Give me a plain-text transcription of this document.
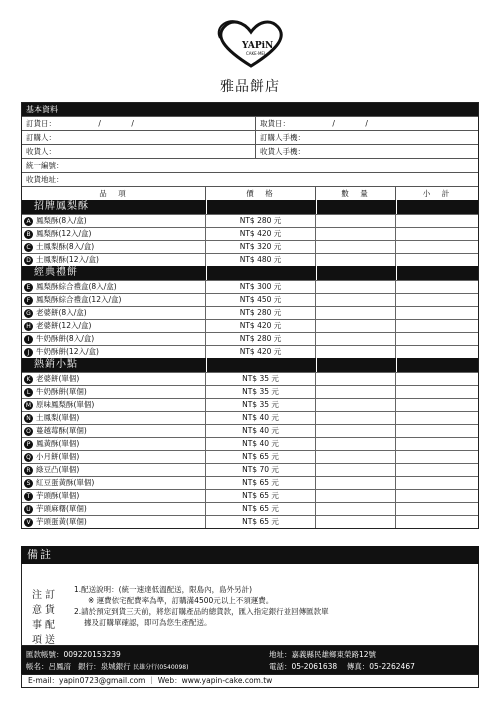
YAPiN
CAKE·MEI
雅品餅店
基本資料
訂貨日：	/	/	取貨日：	/	/
訂購人：	訂購人手機：
收貨人：	收貨人手機：
統一編號：
收貨地址：
品　項	價　格	數　量	小　計
招牌鳳梨酥
A 鳳梨酥(8入/盒)	NT$ 280 元
B 鳳梨酥(12入/盒)	NT$ 420 元
C 土鳳梨酥(8入/盒)	NT$ 320 元
D 土鳳梨酥(12入/盒)	NT$ 480 元
經典禮餅
E 鳳梨酥綜合禮盒(8入/盒)	NT$ 300 元
F 鳳梨酥綜合禮盒(12入/盒)	NT$ 450 元
G 老婆餅(8入/盒)	NT$ 280 元
H 老婆餅(12入/盒)	NT$ 420 元
I 牛奶酥餅(8入/盒)	NT$ 280 元
J 牛奶酥餅(12入/盒)	NT$ 420 元
熱銷小點
K 老婆餅(單個)	NT$ 35 元
L 牛奶酥餅(單個)	NT$ 35 元
M 原味鳳梨酥(單個)	NT$ 35 元
N 土鳳梨(單個)	NT$ 40 元
O 蔓越莓酥(單個)	NT$ 40 元
P 鳳黃酥(單個)	NT$ 40 元
Q 小月餅(單個)	NT$ 65 元
R 綠豆凸(單個)	NT$ 70 元
S 紅豆蛋黃酥(單個)	NT$ 65 元
T 芋頭酥(單個)	NT$ 65 元
U 芋頭麻糬(單個)	NT$ 65 元
V 芋頭蛋黃(單個)	NT$ 65 元
備註
注訂意貨事配項送
1.配送說明：(統一速達低溫配送，限島內，島外另計)
※ 運費依宅配費率為準，訂購滿4500元以上不須運費。
2.請於預定到貨三天前，將您訂購產品的總貨款，匯入指定銀行並回傳匯款單
據及訂購單確認，即可為您生產配送。
匯款帳號：009220153239
帳名：呂鳳淯 銀行：泉城銀行 民雄分行(0540098)
地址：嘉義縣民雄鄉東榮路12號
電話：05-2061638 傳真：05-2262467
E-mail：yapin0723@gmail.com ｜ Web：www.yapin-cake.com.tw
